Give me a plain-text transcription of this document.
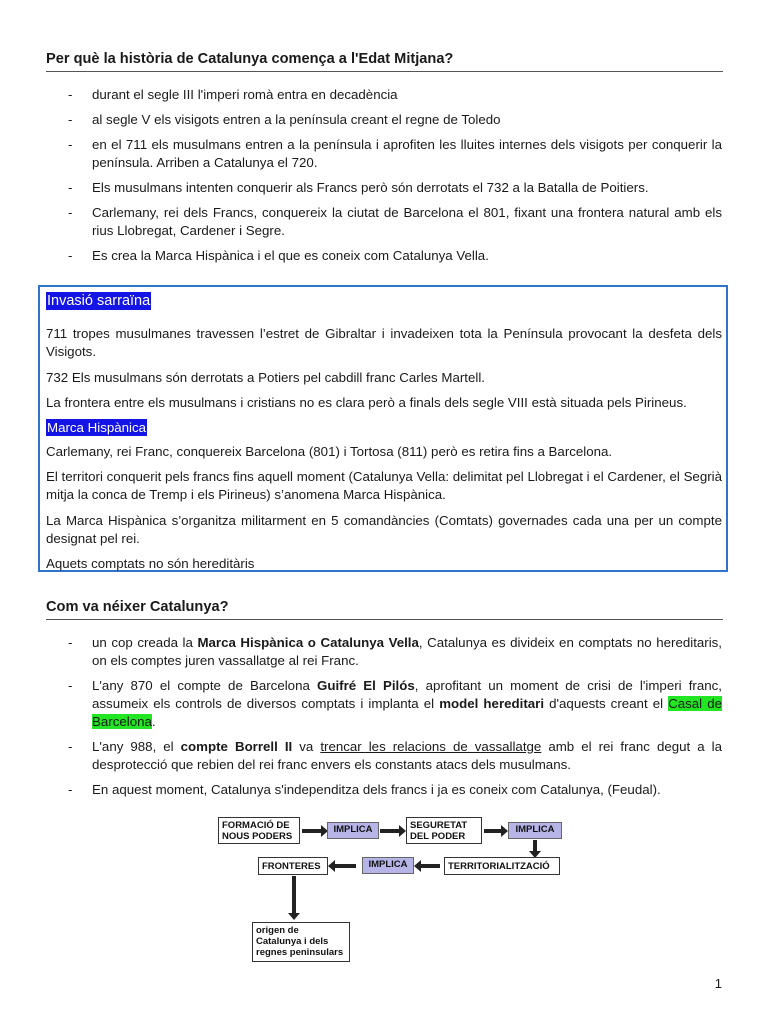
Per què la història de Catalunya comença a l'Edat Mitjana?
- durant el segle III l'imperi romà entra en decadència
- al segle V els visigots entren a la península creant el regne de Toledo
- en el 711 els musulmans entren a la península i aprofiten les lluites internes dels visigots per conquerir la península. Arriben a Catalunya el 720.
- Els musulmans intenten conquerir als Francs però són derrotats el 732 a la Batalla de Poitiers.
- Carlemany, rei dels Francs, conquereix la ciutat de Barcelona el 801, fixant una frontera natural amb els rius Llobregat, Cardener i Segre.
- Es crea la Marca Hispànica i el que es coneix com Catalunya Vella.

Invasió sarraïna

711 tropes musulmanes travessen l’estret de Gibraltar i invadeixen tota la Península provocant la desfeta dels Visigots.

732 Els musulmans són derrotats a Potiers pel cabdill franc Carles Martell.

La frontera entre els musulmans i cristians no es clara però a finals dels segle VIII està situada pels Pirineus.

Marca Hispànica

Carlemany, rei Franc, conquereix Barcelona (801) i Tortosa (811) però es retira fins a Barcelona.

El territori conquerit pels francs fins aquell moment (Catalunya Vella: delimitat pel Llobregat i el Cardener, el Segrià mitja la conca de Tremp i els Pirineus) s’anomena Marca Hispànica.

La Marca Hispànica s’organitza militarment en 5 comandàncies (Comtats) governades cada una per un compte designat pel rei.

Aquets comptats no són hereditàris

Com va néixer Catalunya?
- un cop creada la Marca Hispànica o Catalunya Vella, Catalunya es divideix en comptats no hereditaris, on els comptes juren vassallatge al rei Franc.
- L'any 870 el compte de Barcelona Guifré El Pilós, aprofitant un moment de crisi de l'imperi franc, assumeix els controls de diversos comptats i implanta el model hereditari d'aquests creant el Casal de Barcelona.
- L'any 988, el compte Borrell II va trencar les relacions de vassallatge amb el rei franc degut a la desprotecció que rebien del rei franc envers els constants atacs dels musulmans.
- En aquest moment, Catalunya s'independitza dels francs i ja es coneix com Catalunya, (Feudal).
FORMACIÓ DE NOUS PODERS
IMPLICA	SEGURETAT DEL PODER
IMPLICA
TERRITORIALITZACIÓ
IMPLICA
FRONTERES
origen de Catalunya i dels regnes peninsulars
1
